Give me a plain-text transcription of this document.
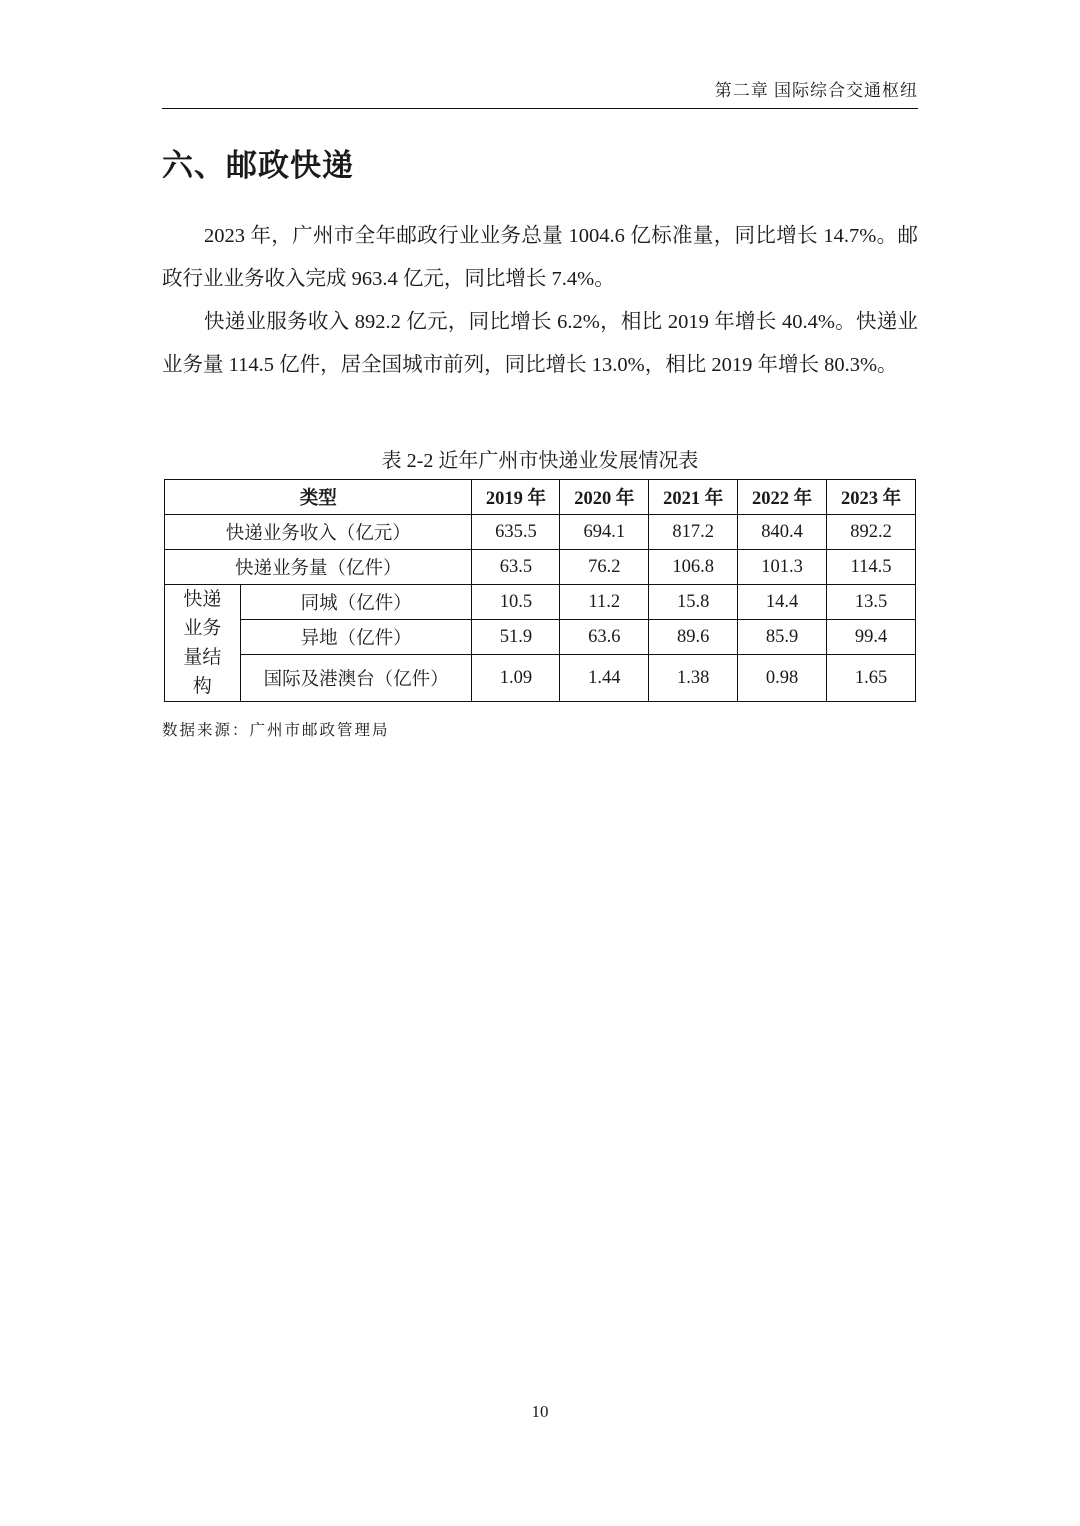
第二章 国际综合交通枢纽
六、邮政快递

2023 年，广州市全年邮政行业业务总量 1004.6 亿标准量，同比增长 14.7%。邮政行业业务收入完成 963.4 亿元，同比增长 7.4%。

快递业服务收入 892.2 亿元，同比增长 6.2%，相比 2019 年增长 40.4%。快递业业务量 114.5 亿件，居全国城市前列，同比增长 13.0%，相比 2019 年增长 80.3%。

表 2-2 近年广州市快递业发展情况表
类型		2019 年	2020 年	2021 年	2022 年	2023 年
快递业务收入（亿元）		635.5	694.1	817.2	840.4	892.2
快递业务量（亿件）		63.5	76.2	106.8	101.3	114.5

快递
业务
量结
构	同城（亿件）	10.5	11.2	15.8	14.4	13.5
	异地（亿件）	51.9	63.6	89.6	85.9	99.4
	国际及港澳台（亿件）	1.09	1.44	1.38	0.98	1.65
数据来源：广州市邮政管理局
10
